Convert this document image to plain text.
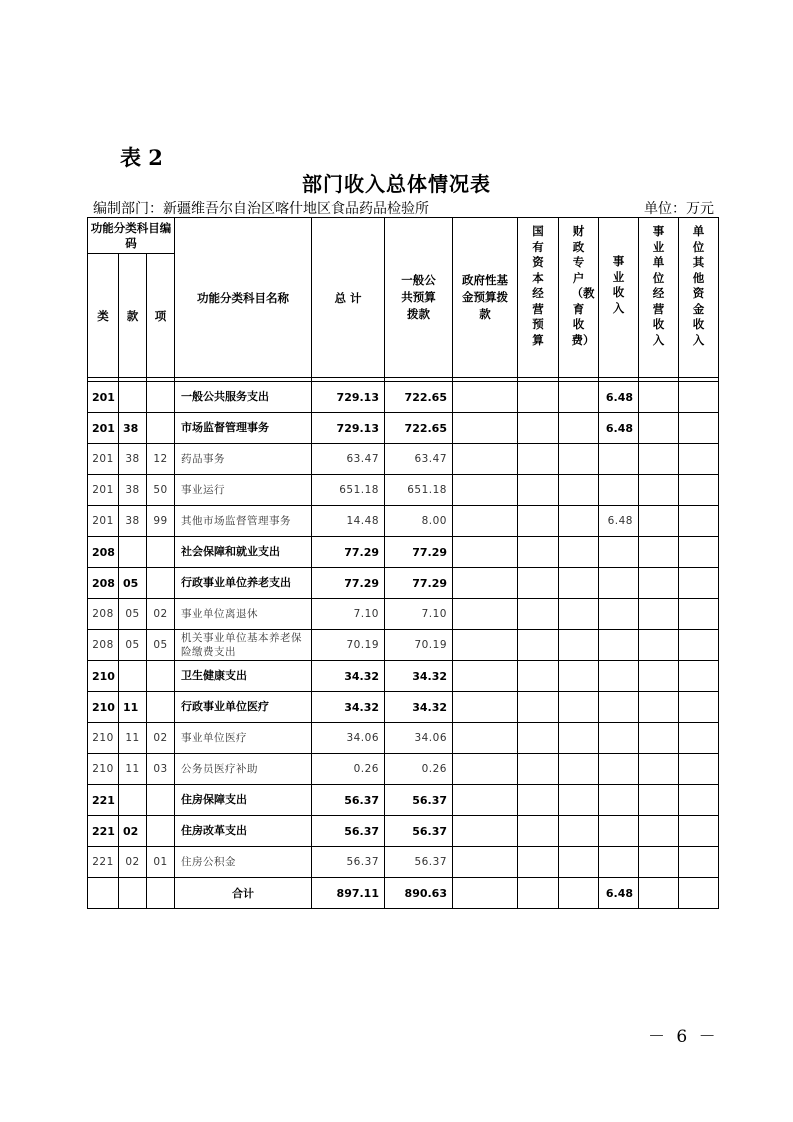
表 2
部门收入总体情况表
编制部门：新疆维吾尔自治区喀什地区食品药品检验所	单位：万元
功能分类科目编码			功能分类科目名称	总 计	一般公共预算拨款	政府性基金预算拨款	国有资本经营预算	财政专户（教育收费）	事业收入	事业单位经营收入	单位其他资金收入

类	款	项									

201			一般公共服务支出	729.13	722.65				6.48		
201	38		市场监督管理事务	729.13	722.65				6.48		
201	38	12	药品事务	63.47	63.47						
201	38	50	事业运行	651.18	651.18						
201	38	99	其他市场监督管理事务	14.48	8.00				6.48		
208			社会保障和就业支出	77.29	77.29						
208	05		行政事业单位养老支出	77.29	77.29						
208	05	02	事业单位离退休	7.10	7.10						
208	05	05	机关事业单位基本养老保险缴费支出	70.19	70.19						
210			卫生健康支出	34.32	34.32						
210	11		行政事业单位医疗	34.32	34.32						
210	11	02	事业单位医疗	34.06	34.06						
210	11	03	公务员医疗补助	0.26	0.26						
221			住房保障支出	56.37	56.37						
221	02		住房改革支出	56.37	56.37						
221	02	01	住房公积金	56.37	56.37						
			合计	897.11	890.63				6.48		
－ 6 －
